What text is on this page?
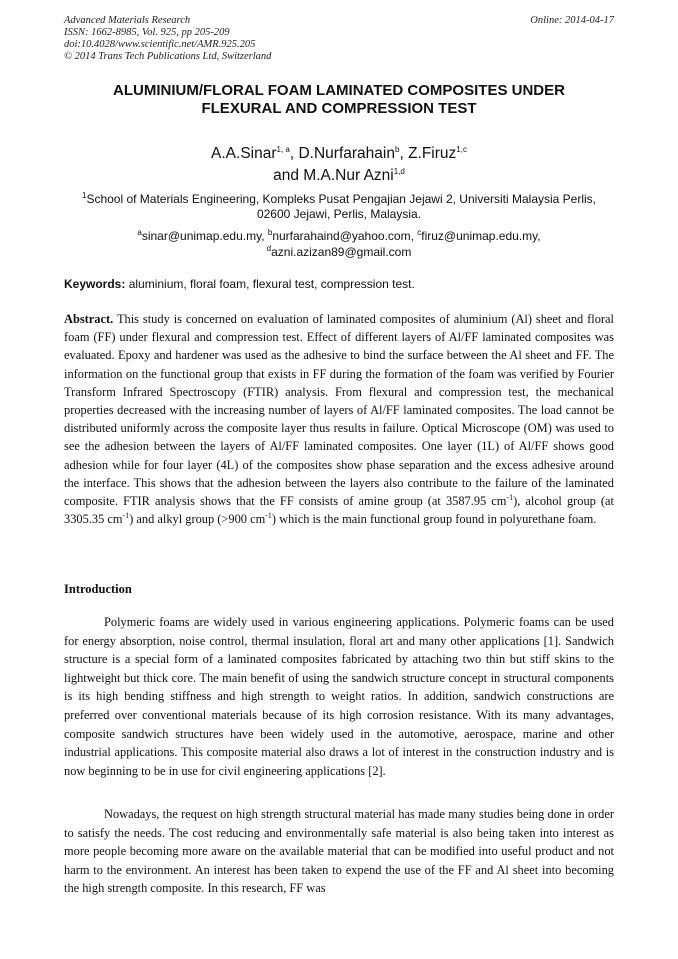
Advanced Materials Research
ISSN: 1662-8985, Vol. 925, pp 205-209
doi:10.4028/www.scientific.net/AMR.925.205
© 2014 Trans Tech Publications Ltd, Switzerland
Online: 2014-04-17
ALUMINIUM/FLORAL FOAM LAMINATED COMPOSITES UNDER
FLEXURAL AND COMPRESSION TEST
A.A.Sinar$^{1, a}$, D.Nurfarahain$^b$, Z.Firuz$^{1,c}$
and M.A.Nur Azni$^{1,d}$
$^1$School of Materials Engineering, Kompleks Pusat Pengajian Jejawi 2, Universiti Malaysia Perlis, 02600 Jejawi, Perlis, Malaysia.
$^a$sinar@unimap.edu.my, $^b$nurfarahaind@yahoo.com, $^c$firuz@unimap.edu.my,
$^d$azni.azizan89@gmail.com
Keywords: aluminium, floral foam, flexural test, compression test.
Abstract. This study is concerned on evaluation of laminated composites of aluminium (Al) sheet and floral foam (FF) under flexural and compression test. Effect of different layers of Al/FF laminated composites was evaluated. Epoxy and hardener was used as the adhesive to bind the surface between the Al sheet and FF. The information on the functional group that exists in FF during the formation of the foam was verified by Fourier Transform Infrared Spectroscopy (FTIR) analysis. From flexural and compression test, the mechanical properties decreased with the increasing number of layers of Al/FF laminated composites. The load cannot be distributed uniformly across the composite layer thus results in failure. Optical Microscope (OM) was used to see the adhesion between the layers of Al/FF laminated composites. One layer (1L) of Al/FF shows good adhesion while for four layer (4L) of the composites show phase separation and the excess adhesive around the interface. This shows that the adhesion between the layers also contribute to the failure of the laminated composite. FTIR analysis shows that the FF consists of amine group (at 3587.95 $cm^{-1}$), alcohol group (at 3305.35 $cm^{-1}$) and alkyl group (>900 $cm^{-1}$) which is the main functional group found in polyurethane foam.
Introduction
Polymeric foams are widely used in various engineering applications. Polymeric foams can be used for energy absorption, noise control, thermal insulation, floral art and many other applications [1]. Sandwich structure is a special form of a laminated composites fabricated by attaching two thin but stiff skins to the lightweight but thick core. The main benefit of using the sandwich structure concept in structural components is its high bending stiffness and high strength to weight ratios. In addition, sandwich constructions are preferred over conventional materials because of its high corrosion resistance. With its many advantages, composite sandwich structures have been widely used in the automotive, aerospace, marine and other industrial applications. This composite material also draws a lot of interest in the construction industry and is now beginning to be in use for civil engineering applications [2].
Nowadays, the request on high strength structural material has made many studies being done in order to satisfy the needs. The cost reducing and environmentally safe material is also being taken into interest as more people becoming more aware on the available material that can be modified into useful product and not harm to the environment. An interest has been taken to expend the use of the FF and Al sheet into becoming the high strength composite. In this research, FF was
